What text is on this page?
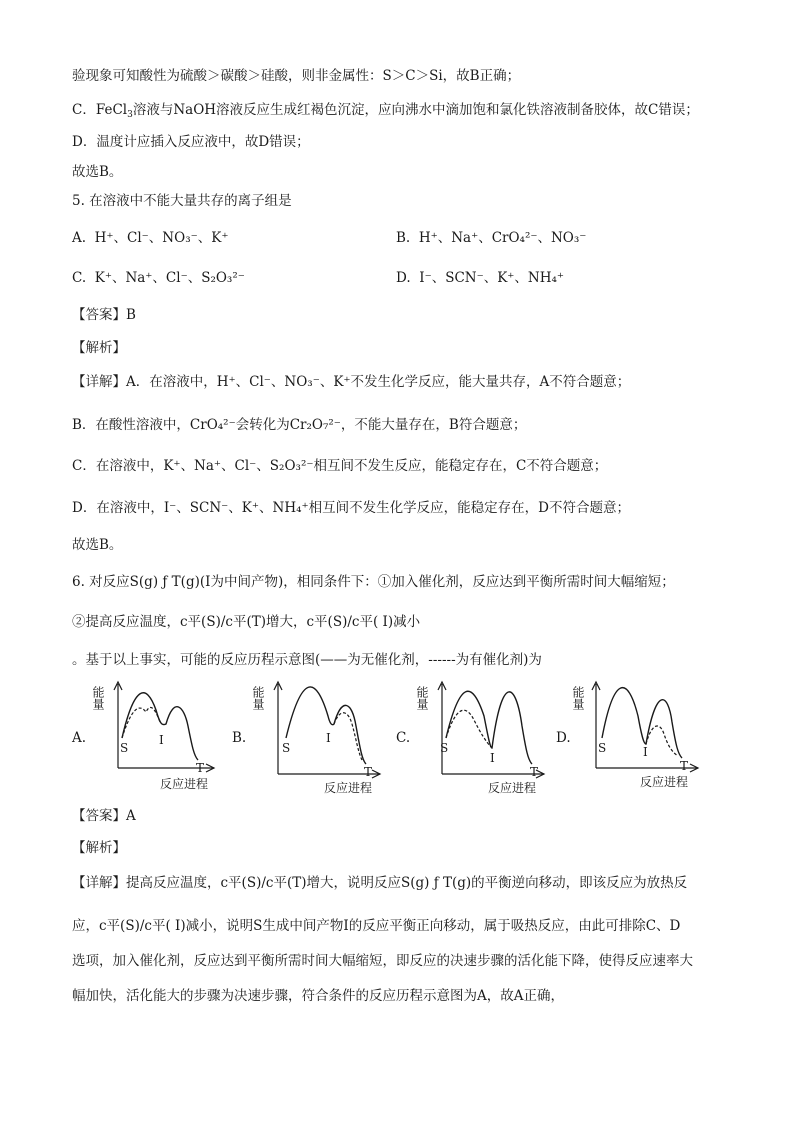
验现象可知酸性为硫酸＞碳酸＞硅酸，则非金属性：S＞C＞Si，故B正确；
C．FeCl$_3$溶液与NaOH溶液反应生成红褐色沉淀，应向沸水中滴加饱和氯化铁溶液制备胶体，故C错误；
D．温度计应插入反应液中，故D错误；
故选B。
5. 在溶液中不能大量共存的离子组是
A. H⁺、Cl⁻、NO₃⁻、K⁺	B. H⁺、Na⁺、CrO₄²⁻、NO₃⁻
C. K⁺、Na⁺、Cl⁻、S₂O₃²⁻	D. I⁻、SCN⁻、K⁺、NH₄⁺
【答案】B
【解析】
【详解】A．在溶液中，H⁺、Cl⁻、NO₃⁻、K⁺不发生化学反应，能大量共存，A不符合题意；
B．在酸性溶液中，CrO₄²⁻会转化为Cr₂O₇²⁻，不能大量存在，B符合题意；
C．在溶液中，K⁺、Na⁺、Cl⁻、S₂O₃²⁻相互间不发生反应，能稳定存在，C不符合题意；
D．在溶液中，I⁻、SCN⁻、K⁺、NH₄⁺相互间不发生化学反应，能稳定存在，D不符合题意；
故选B。
6. 对反应S(g) ƒ T(g)(I为中间产物)，相同条件下：①加入催化剂，反应达到平衡所需时间大幅缩短；
②提高反应温度，c平(S)/c平(T)增大，c平(S)/c平( I)减小
。基于以上事实，可能的反应历程示意图(——为无催化剂，------为有催化剂)为
A.
能量
S
I
T
反应进程
B.
能量
S
I
T
反应进程
C.
能量
S
I
T
反应进程
D.
能量
S	I
T
反应进程
【答案】A
【解析】
【详解】提高反应温度，c平(S)/c平(T)增大，说明反应S(g) ƒ T(g)的平衡逆向移动，即该反应为放热反
应，c平(S)/c平( I)减小，说明S生成中间产物I的反应平衡正向移动，属于吸热反应，由此可排除C、D
选项，加入催化剂，反应达到平衡所需时间大幅缩短，即反应的决速步骤的活化能下降，使得反应速率大
幅加快，活化能大的步骤为决速步骤，符合条件的反应历程示意图为A，故A正确，
